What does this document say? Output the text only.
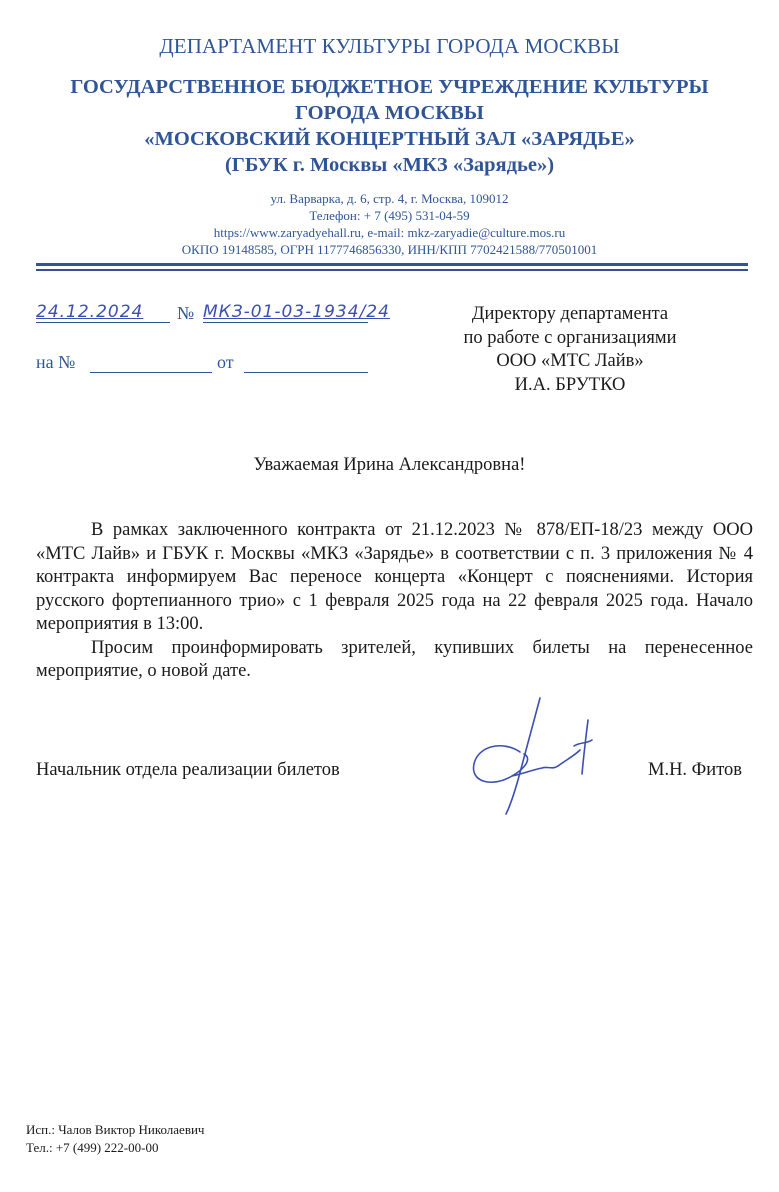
ДЕПАРТАМЕНТ КУЛЬТУРЫ ГОРОДА МОСКВЫ
ГОСУДАРСТВЕННОЕ БЮДЖЕТНОЕ УЧРЕЖДЕНИЕ КУЛЬТУРЫ
ГОРОДА МОСКВЫ
«МОСКОВСКИЙ КОНЦЕРТНЫЙ ЗАЛ «ЗАРЯДЬЕ»
(ГБУК г. Москвы «МКЗ «Зарядье»)
ул. Варварка, д. 6, стр. 4, г. Москва, 109012
Телефон: + 7 (495) 531-04-59
https://www.zaryadyehall.ru, e-mail: mkz-zaryadie@culture.mos.ru
ОКПО 19148585, ОГРН 1177746856330, ИНН/КПП 7702421588/770501001
24.12.2024 № МКЗ-01-03-1934/24
на №	от
Директору департамента
по работе с организациями
ООО «МТС Лайв»
И.А. БРУТКО
Уважаемая Ирина Александровна!

В рамках заключенного контракта от 21.12.2023 № 878/ЕП-18/23 между ООО «МТС Лайв» и ГБУК г. Москвы «МКЗ «Зарядье» в соответствии с п. 3 приложения № 4 контракта информируем Вас переносе концерта «Концерт с пояснениями. История русского фортепианного трио» с 1 февраля 2025 года на 22 февраля 2025 года. Начало мероприятия в 13:00.

Просим проинформировать зрителей, купивших билеты на перенесенное мероприятие, о новой дате.

Начальник отдела реализации билетов	М.Н. Фитов
Исп.: Чалов Виктор Николаевич
Тел.: +7 (499) 222-00-00
